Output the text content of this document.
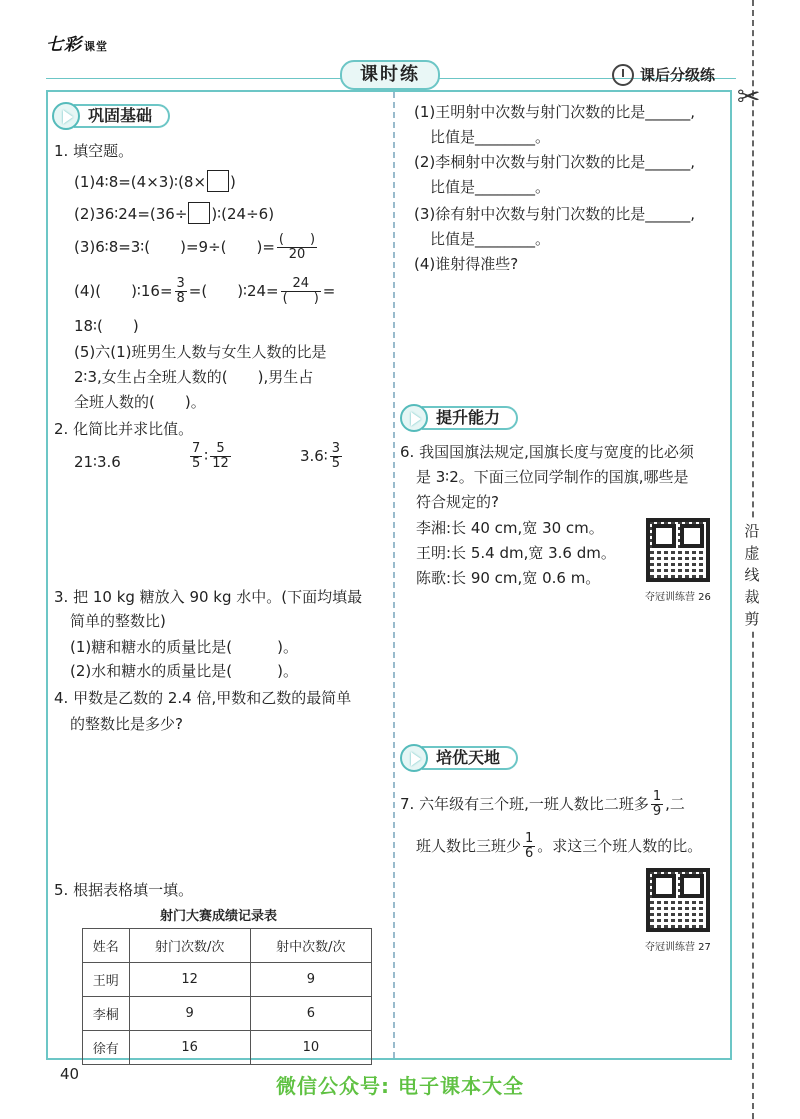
七彩 课堂
课时练	课后分级练
✂
沿虚线裁剪
巩固基础
1. 填空题。
(1)4∶8=(4×3)∶(8× )
(2)36∶24=(36÷ )∶(24÷6)
(3)6∶8=3∶(　　)=9÷(　　)= $\frac{( )}{20}$
(4)(　　)∶16= $\frac{3}{8}$ =(　　)∶24= $\frac{24}{( )}$ =
18∶(　　)
(5)六(1)班男生人数与女生人数的比是
2∶3,女生占全班人数的(　　),男生占
全班人数的(　　)。
2. 化简比并求比值。
21∶3.6	$\frac{7}{5}$ ∶ $\frac{5}{12}$	3.6∶ $\frac{3}{5}$
3. 把 10 kg 糖放入 90 kg 水中。(下面均填最
简单的整数比)
(1)糖和糖水的质量比是(　　　)。
(2)水和糖水的质量比是(　　　)。
4. 甲数是乙数的 2.4 倍,甲数和乙数的最简单
的整数比是多少?
5. 根据表格填一填。
射门大赛成绩记录表
姓名	射门次数/次	射中次数/次
王明	12	9
李桐	9	6
徐有	16	10
(1)王明射中次数与射门次数的比是______,
比值是________。
(2)李桐射中次数与射门次数的比是______,
比值是________。
(3)徐有射中次数与射门次数的比是______,
比值是________。
(4)谁射得准些?
提升能力
6. 我国国旗法规定,国旗长度与宽度的比必须
是 3∶2。下面三位同学制作的国旗,哪些是
符合规定的?
李湘:长 40 cm,宽 30 cm。
王明:长 5.4 dm,宽 3.6 dm。
陈歌:长 90 cm,宽 0.6 m。
夺冠训练营 26
培优天地
7. 六年级有三个班,一班人数比二班多 $\frac{1}{9}$ ,二
班人数比三班少 $\frac{1}{6}$ 。求这三个班人数的比。
夺冠训练营 27
40	微信公众号: 电子课本大全
